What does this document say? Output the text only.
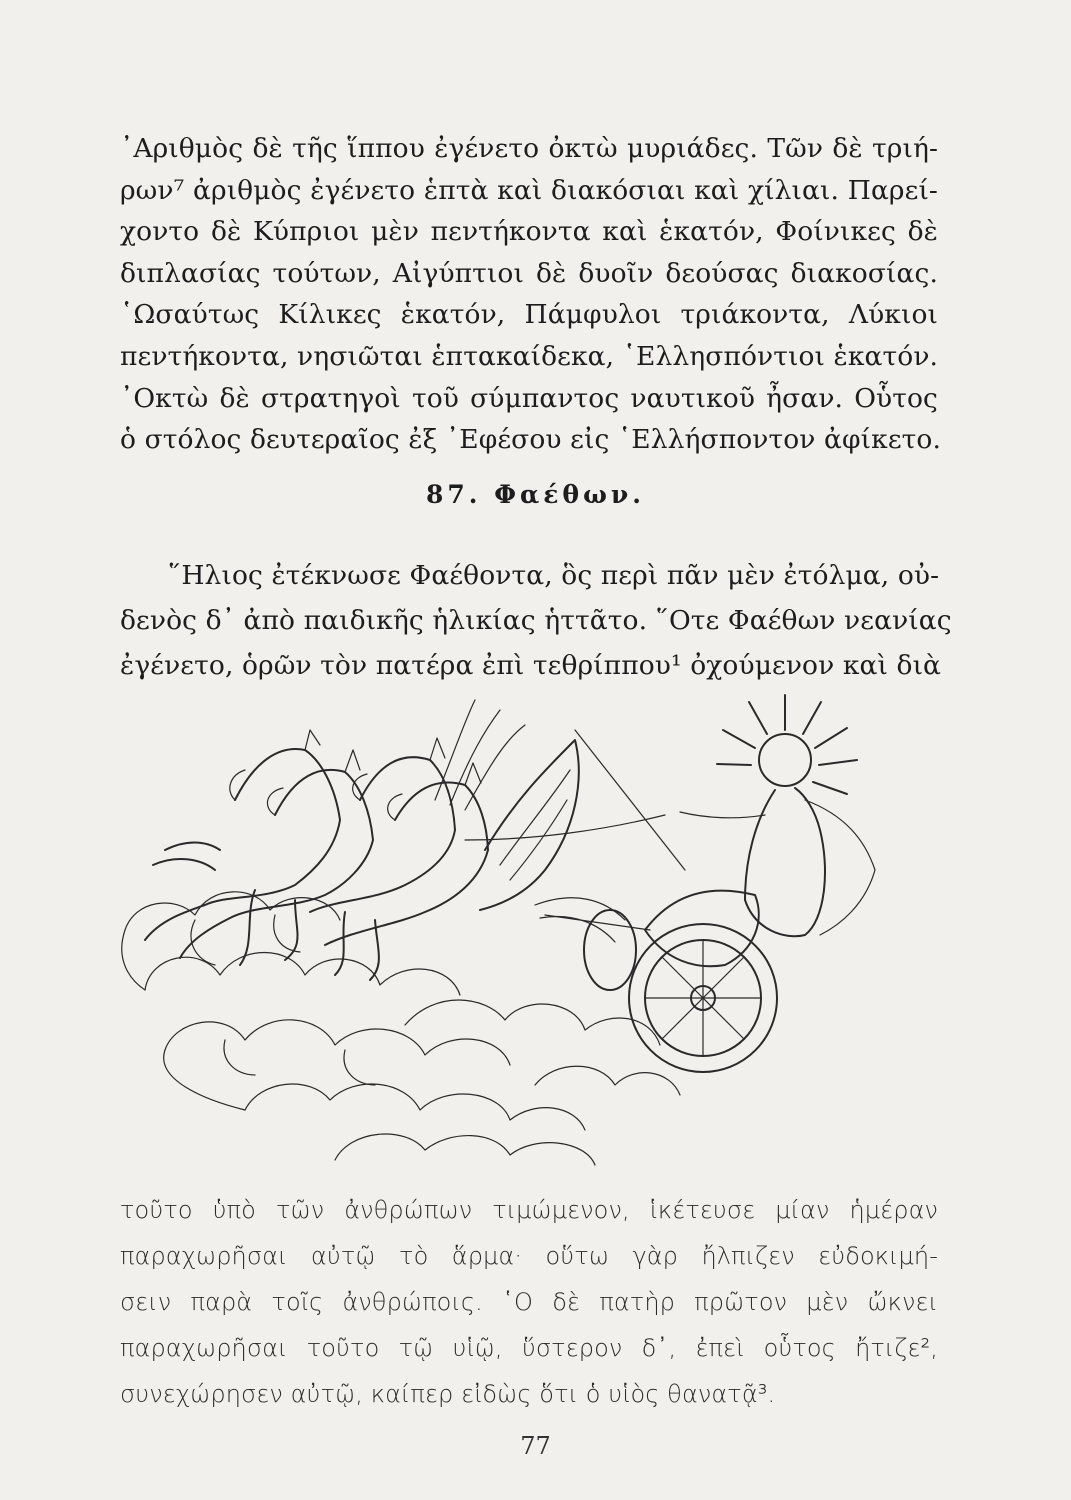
᾿Αριθμὸς δὲ τῆς ἵππου ἐγένετο ὀκτὼ μυριάδες. Τῶν δὲ τριή-
ρων⁷ ἀριθμὸς ἐγένετο ἑπτὰ καὶ διακόσιαι καὶ χίλιαι. Παρεί-
χοντο δὲ Κύπριοι μὲν πεντήκοντα καὶ ἑκατόν, Φοίνικες δὲ
διπλασίας τούτων, Αἰγύπτιοι δὲ δυοῖν δεούσας διακοσίας.
῾Ωσαύτως Κίλικες ἑκατόν, Πάμφυλοι τριάκοντα, Λύκιοι
πεντήκοντα, νησιῶται ἑπτακαίδεκα, ῾Ελλησπόντιοι ἑκατόν.
᾿Οκτὼ δὲ στρατηγοὶ τοῦ σύμπαντος ναυτικοῦ ἦσαν. Οὗτος
ὁ στόλος δευτεραῖος ἐξ ᾿Εφέσου εἰς ῾Ελλήσποντον ἀφίκετο.
87. Φαέθων.
῞Ηλιος ἐτέκνωσε Φαέθοντα, ὃς περὶ πᾶν μὲν ἐτόλμα, οὐ-
δενὸς δ᾿ ἀπὸ παιδικῆς ἡλικίας ἡττᾶτο. ῞Οτε Φαέθων νεανίας
ἐγένετο, ὁρῶν τὸν πατέρα ἐπὶ τεθρίππου¹ ὀχούμενον καὶ διὰ
τοῦτο ὑπὸ τῶν ἀνθρώπων τιμώμενον, ἱκέτευσε μίαν ἡμέραν
παραχωρῆσαι αὐτῷ τὸ ἅρμα· οὕτω γὰρ ἤλπιζεν εὐδοκιμή-
σειν παρὰ τοῖς ἀνθρώποις. ῾Ο δὲ πατὴρ πρῶτον μὲν ὤκνει
παραχωρῆσαι τοῦτο τῷ υἱῷ, ὕστερον δ᾿, ἐπεὶ οὗτος ἤτιζε²,
συνεχώρησεν αὐτῷ, καίπερ εἰδὼς ὅτι ὁ υἱὸς θανατᾷ³.
77
